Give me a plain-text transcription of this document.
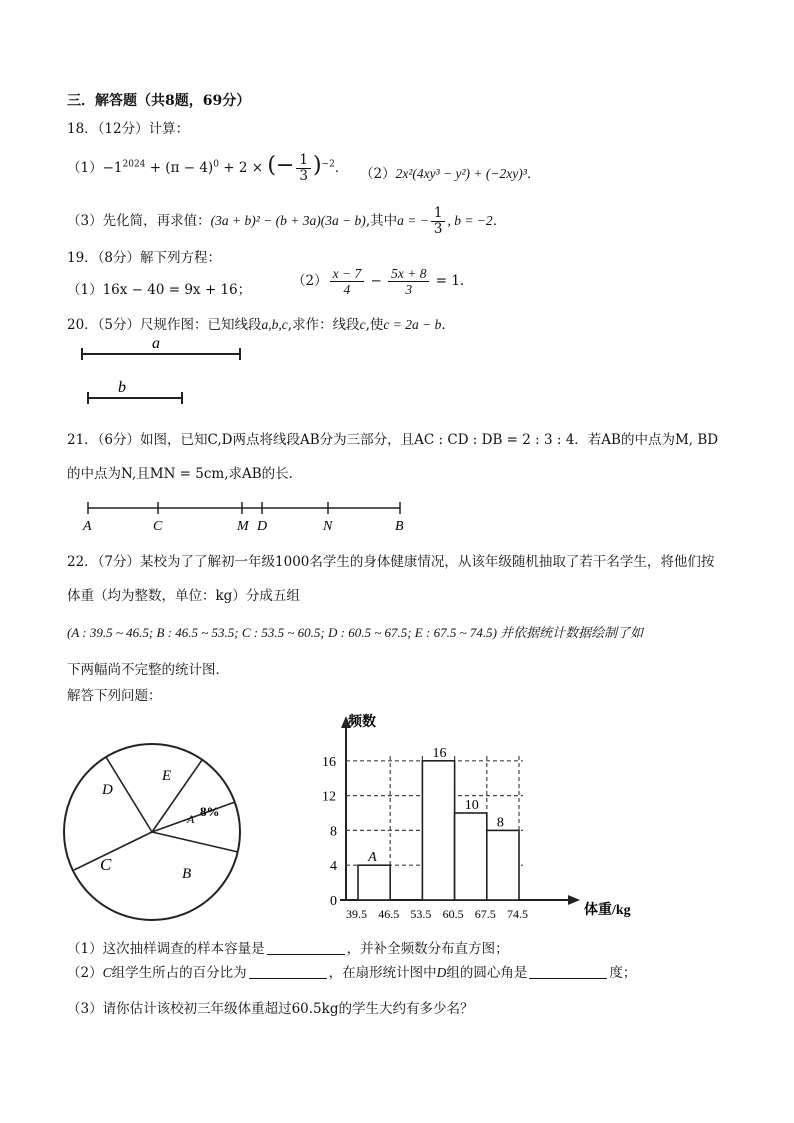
三．解答题（共8题，69分）
18．（12分）计算：
$(1)-1^{2024} + (\pi - 4)^0 + 2$ × (− $\frac{1}{3} )^{-2}$． （2）2x²(4xy³ − y²) + (−2xy)³．
（3）先化简，再求值：(3a + b)² − (b + 3a)(3a − b),其中a = − $\frac{1}{3}$ , b = −2．
19．（8分）解下列方程：
（1）16x − 40 = 9x + 16；
$(2) \frac{x - 7}{4} - \frac{5x + 8}{3} = 1$．
20．（5分）尺规作图：已知线段a,b,c,求作：线段c,使c = 2a − b．
a
b
21．（6分）如图，已知C,D两点将线段AB分为三部分，且AC : CD : DB = 2 : 3 : 4．若AB的中点为M, BD
的中点为N,且MN = 5cm,求AB的长．
A	C	M D	N	B
22．（7分）某校为了了解初一年级1000名学生的身体健康情况，从该年级随机抽取了若干名学生，将他们按
体重（均为整数，单位：kg）分成五组
(A : 39.5 ~ 46.5; B : 46.5 ~ 53.5; C : 53.5 ~ 60.5; D : 60.5 ~ 67.5; E : 67.5 ~ 74.5) 并依据统计数据绘制了如
下两幅尚不完整的统计图．
解答下列问题：
D
E
A 8%
B
C
频数
体重/kg
A
16
10
8
0
4
8
12
16
39.5 46.5 53.5 60.5 67.5 74.5
（1）这次抽样调查的样本容量是	，并补全频数分布直方图；
（2）C组学生所占的百分比为	，在扇形统计图中D组的圆心角是	度；
（3）请你估计该校初三年级体重超过60.5kg的学生大约有多少名？
